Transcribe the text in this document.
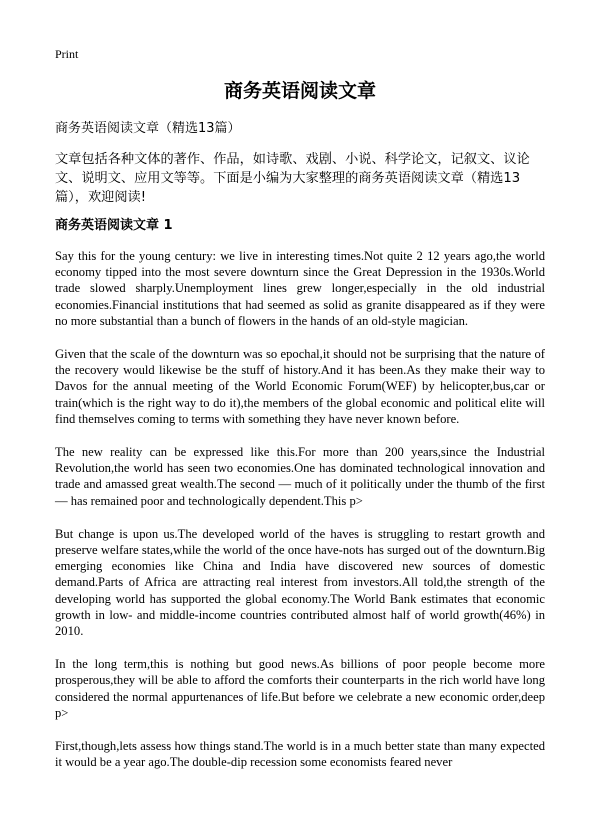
Print
商务英语阅读文章
商务英语阅读文章（精选13篇）

文章包括各种文体的著作、作品，如诗歌、戏剧、小说、科学论文，记叙文、议论文、说明文、应用文等等。下面是小编为大家整理的商务英语阅读文章（精选13篇），欢迎阅读!

商务英语阅读文章 1

Say this for the young century: we live in interesting times.Not quite 2 12 years ago,the world economy tipped into the most severe downturn since the Great Depression in the 1930s.World trade slowed sharply.Unemployment lines grew longer,especially in the old industrial economies.Financial institutions that had seemed as solid as granite disappeared as if they were no more substantial than a bunch of flowers in the hands of an old-style magician.

Given that the scale of the downturn was so epochal,it should not be surprising that the nature of the recovery would likewise be the stuff of history.And it has been.As they make their way to Davos for the annual meeting of the World Economic Forum(WEF) by helicopter,bus,car or train(which is the right way to do it),the members of the global economic and political elite will find themselves coming to terms with something they have never known before.

The new reality can be expressed like this.For more than 200 years,since the Industrial Revolution,the world has seen two economies.One has dominated technological innovation and trade and amassed great wealth.The second — much of it politically under the thumb of the first — has remained poor and technologically dependent.This p>

But change is upon us.The developed world of the haves is struggling to restart growth and preserve welfare states,while the world of the once have-nots has surged out of the downturn.Big emerging economies like China and India have discovered new sources of domestic demand.Parts of Africa are attracting real interest from investors.All told,the strength of the developing world has supported the global economy.The World Bank estimates that economic growth in low- and middle-income countries contributed almost half of world growth(46%) in 2010.

In the long term,this is nothing but good news.As billions of poor people become more prosperous,they will be able to afford the comforts their counterparts in the rich world have long considered the normal appurtenances of life.But before we celebrate a new economic order,deep p>

First,though,lets assess how things stand.The world is in a much better state than many expected it would be a year ago.The double-dip recession some economists feared never
